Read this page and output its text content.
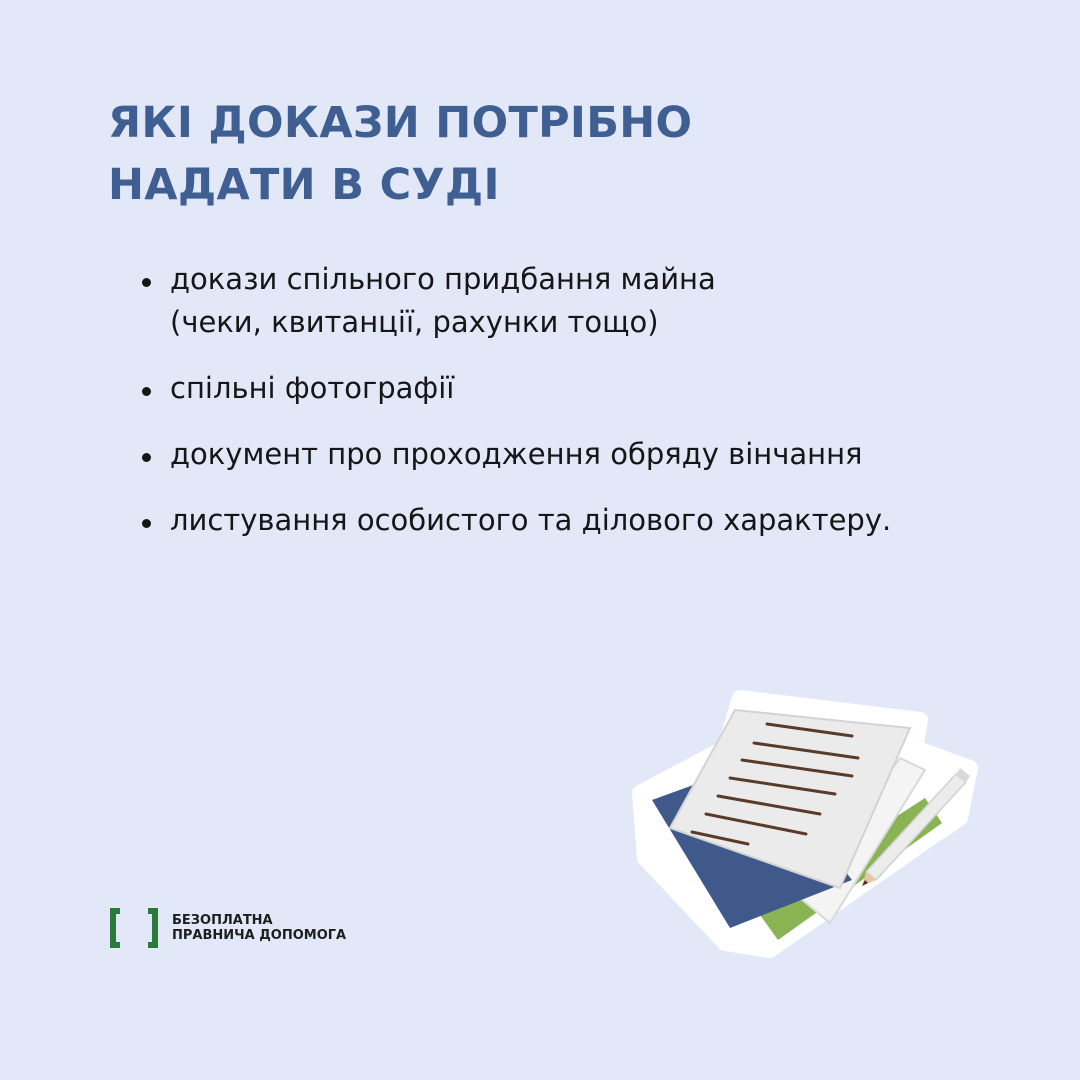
ЯКІ ДОКАЗИ ПОТРІБНО
НАДАТИ В СУДІ
докази спільного придбання майна
(чеки, квитанції, рахунки тощо)
спільні фотографії
документ про проходження обряду вінчання
листування особистого та ділового характеру.
БЕЗОПЛАТНА
ПРАВНИЧА ДОПОМОГА
